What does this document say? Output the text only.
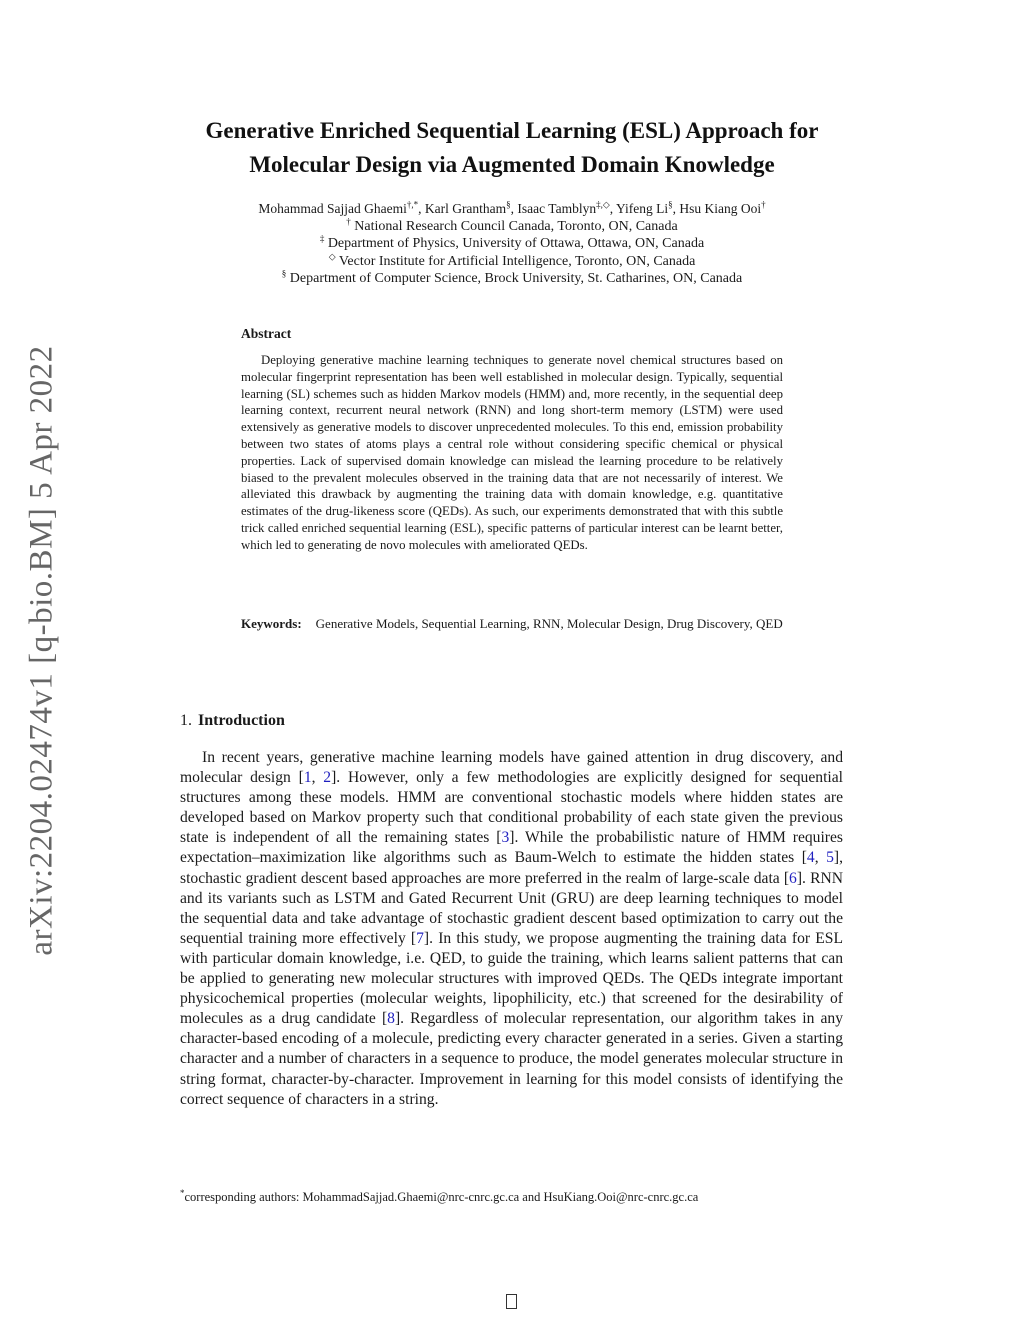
arXiv:2204.02474v1 [q-bio.BM] 5 Apr 2022
Generative Enriched Sequential Learning (ESL) Approach for
Molecular Design via Augmented Domain Knowledge
Mohammad Sajjad Ghaemi†,*, Karl Grantham§, Isaac Tamblyn‡,◇, Yifeng Li§, Hsu Kiang Ooi†
† National Research Council Canada, Toronto, ON, Canada
‡ Department of Physics, University of Ottawa, Ottawa, ON, Canada
◇ Vector Institute for Artificial Intelligence, Toronto, ON, Canada
§ Department of Computer Science, Brock University, St. Catharines, ON, Canada
Abstract
Deploying generative machine learning techniques to generate novel chemical structures based on molecular fingerprint representation has been well established in molecular design. Typically, sequential learning (SL) schemes such as hidden Markov models (HMM) and, more recently, in the sequential deep learning context, recurrent neural network (RNN) and long short-term memory (LSTM) were used extensively as generative models to discover unprecedented molecules. To this end, emission probability between two states of atoms plays a central role without considering specific chemical or physical properties. Lack of supervised domain knowledge can mislead the learning procedure to be relatively biased to the prevalent molecules observed in the training data that are not necessarily of interest. We alleviated this drawback by augmenting the training data with domain knowledge, e.g. quantitative estimates of the drug-likeness score (QEDs). As such, our experiments demonstrated that with this subtle trick called enriched sequential learning (ESL), specific patterns of particular interest can be learnt better, which led to generating de novo molecules with ameliorated QEDs.
Keywords: Generative Models, Sequential Learning, RNN, Molecular Design, Drug Discovery, QED
1. Introduction
In recent years, generative machine learning models have gained attention in drug discovery, and molecular design [1, 2]. However, only a few methodologies are explicitly designed for sequential structures among these models. HMM are conventional stochastic models where hidden states are developed based on Markov property such that conditional probability of each state given the previous state is independent of all the remaining states [3]. While the probabilistic nature of HMM requires expectation–maximization like algorithms such as Baum-Welch to estimate the hidden states [4, 5], stochastic gradient descent based approaches are more preferred in the realm of large-scale data [6]. RNN and its variants such as LSTM and Gated Recurrent Unit (GRU) are deep learning techniques to model the sequential data and take advantage of stochastic gradient descent based optimization to carry out the sequential training more effectively [7]. In this study, we propose augmenting the training data for ESL with particular domain knowledge, i.e. QED, to guide the training, which learns salient patterns that can be applied to generating new molecular structures with improved QEDs. The QEDs integrate important physicochemical properties (molecular weights, lipophilicity, etc.) that screened for the desirability of molecules as a drug candidate [8]. Regardless of molecular representation, our algorithm takes in any character-based encoding of a molecule, predicting every character generated in a series. Given a starting character and a number of characters in a sequence to produce, the model generates molecular structure in string format, character-by-character. Improvement in learning for this model consists of identifying the correct sequence of characters in a string.
*corresponding authors: MohammadSajjad.Ghaemi@nrc-cnrc.gc.ca and HsuKiang.Ooi@nrc-cnrc.gc.ca
